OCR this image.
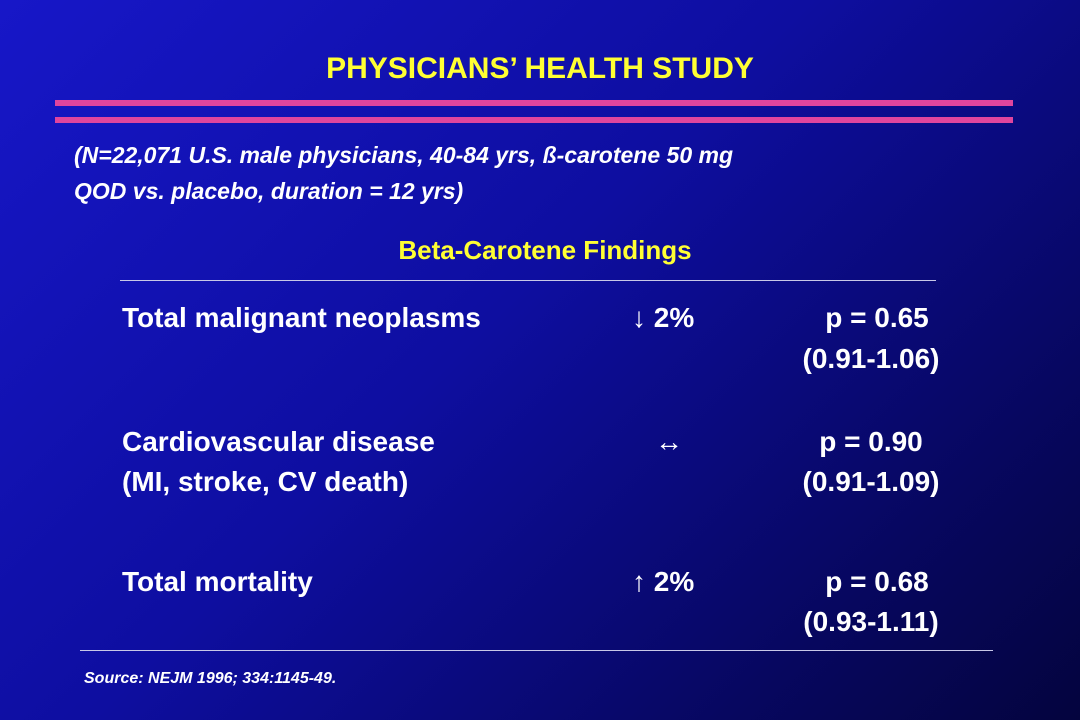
PHYSICIANS’ HEALTH STUDY
(N=22,071 U.S. male physicians, 40-84 yrs, ß-carotene 50 mg
QOD vs. placebo, duration = 12 yrs)
Beta-Carotene Findings
Total malignant neoplasms	↓ 2%	p = 0.65
(0.91-1.06)
Cardiovascular disease
(MI, stroke, CV death)
↔	p = 0.90
(0.91-1.09)
Total mortality	↑ 2%	p = 0.68
(0.93-1.11)
Source: NEJM 1996; 334:1145-49.
